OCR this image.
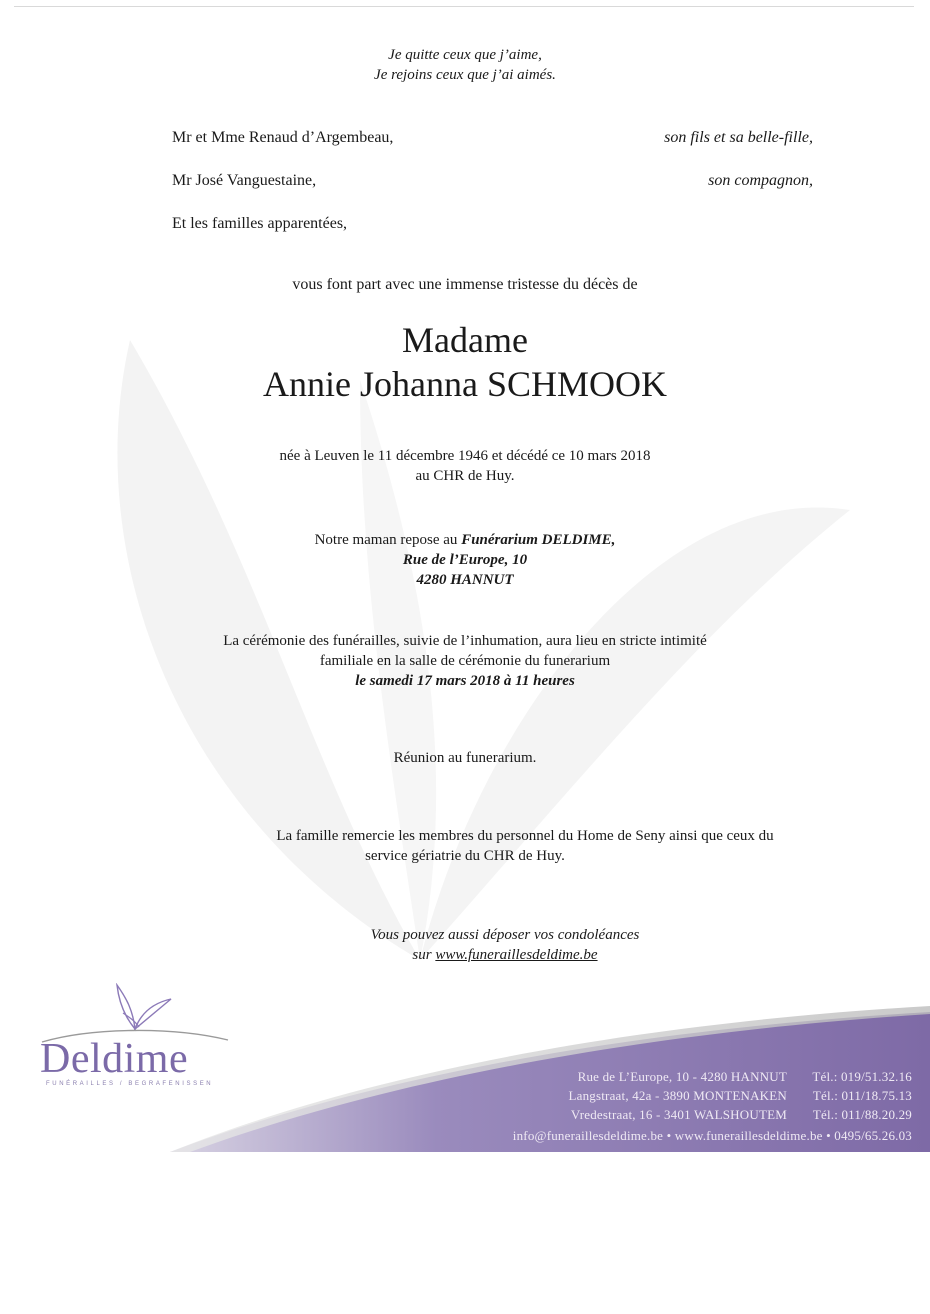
Je quitte ceux que j’aime,
Je rejoins ceux que j’ai aimés.
Mr et Mme Renaud d’Argembeau,	son fils et sa belle-fille,
Mr José Vanguestaine,	son compagnon,
Et les familles apparentées,
vous font part avec une immense tristesse du décès de
Madame
Annie Johanna SCHMOOK
née à Leuven le 11 décembre 1946 et décédé ce 10 mars 2018
au CHR de Huy.
Notre maman repose au Funérarium DELDIME,
Rue de l’Europe, 10
4280 HANNUT
La cérémonie des funérailles, suivie de l’inhumation, aura lieu en stricte intimité
familiale en la salle de cérémonie du funerarium
le samedi 17 mars 2018 à 11 heures
Réunion au funerarium.
La famille remercie les membres du personnel du Home de Seny ainsi que ceux du
service gériatrie du CHR de Huy.
Vous pouvez aussi déposer vos condoléances
sur www.funeraillesdeldime.be
Deldime
FUNÉRAILLES / BEGRAFENISSEN	Rue de L’Europe, 10 - 4280 HANNUT Tél.: 019/51.32.16
Langstraat, 42a - 3890 MONTENAKEN Tél.: 011/18.75.13
Vredestraat, 16 - 3401 WALSHOUTEM Tél.: 011/88.20.29
info@funeraillesdeldime.be • www.funeraillesdeldime.be • 0495/65.26.03
